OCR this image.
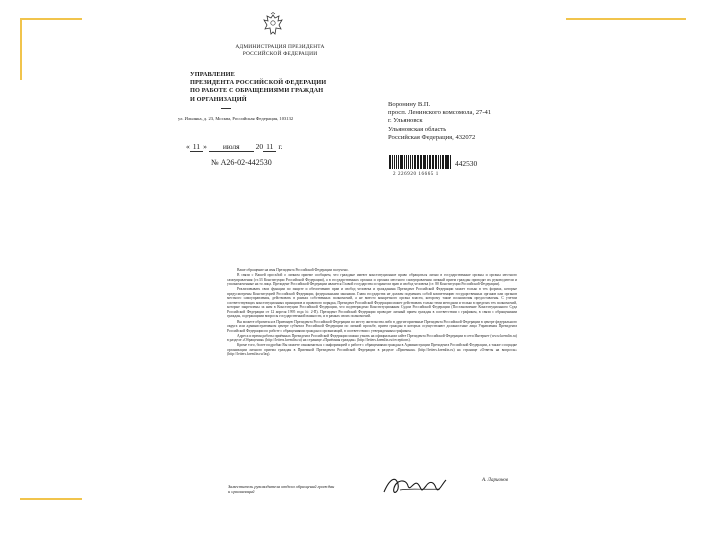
АДМИНИСТРАЦИЯ ПРЕЗИДЕНТА
РОССИЙСКОЙ ФЕДЕРАЦИИ
УПРАВЛЕНИЕ
ПРЕЗИДЕНТА РОССИЙСКОЙ ФЕДЕРАЦИИ
ПО РАБОТЕ С ОБРАЩЕНИЯМИ ГРАЖДАН
И ОРГАНИЗАЦИЙ
ул. Ильинка, д. 23, Москва, Российская Федерация, 103132
Воронину В.П.
просп. Ленинского комсомола, 27-41
г. Ульяновск
Ульяновская область
Российская Федерация, 432072
« 11 » июля 20 11 г.
№ А26-02-442530	442530
2 226920 16665 1

Ваше обращение на имя Президента Российской Федерации получено.

В связи с Вашей просьбой о личном приеме сообщаем, что граждане имеют конституционное право обращаться лично в государственные органы и органы местного самоуправления (ст.33 Конституции Российской Федерации), а в государственных органах и органах местного самоуправления личный прием граждан проводят их руководители и уполномоченные на то лица. Президент Российской Федерации является Главой государства и гарантом прав и свобод человека (ст. 80 Конституции Российской Федерации).

Реализовывать свои функции по защите и обеспечению прав и свобод человека и гражданина Президент Российской Федерации может только в тех формах, которые предусмотрены Конституцией Российской Федерации, федеральными законами. Глава государства не должен подменять собой компетенцию государственных органов или органов местного самоуправления, действовать в рамках собственных полномочий, а не вместо конкретного органа власти, которому такие полномочия предоставлены. С учетом соответствующих конституционных принципов и правового порядка, Президент Российской Федерации может действовать только теми методами и только в пределах тех полномочий, которые закреплены за ним в Конституции Российской Федерации, что подтверждено Конституционным Судом Российской Федерации (Постановление Конституционного Суда Российской Федерации от 12 апреля 1995 года № 2-П). Президент Российской Федерации проводит личный прием граждан в соответствии с графиком, в связи с обращениями граждан, содержащими вопросы государственной важности, и в рамках своих полномочий.

Вы можете обратиться в Приемную Президента Российской Федерации по месту жительства либо в другие приемные Президента Российской Федерации в центре федерального округа или административном центре субъекта Российской Федерации по личной просьбе, прием граждан в которых осуществляют должностные лица Управления Президента Российской Федерации по работе с обращениями граждан и организаций, в соответствии с утвержденным графиком.

Адреса и время работы приёмных Президента Российской Федерации можно узнать на официальном сайте Президента Российской Федерации в сети Интернет (www.kremlin.ru) в разделе «Обращения» (http://letters.kremlin.ru) на странице «Приёмная граждан» (http://letters.kremlin.ru/receptions).

Кроме того, более подробно Вы можете ознакомиться с информацией о работе с обращениями граждан в Администрации Президента Российской Федерации, а также о порядке организации личного приема граждан в Приемной Президента Российской Федерации в разделе «Приемная» (http://letters.kremlin.ru) на странице «Ответы на вопросы» (http://letters.kremlin.ru/faq).

Заместитель руководителя отдела обращений граждан
и организаций
А. Ларионов
